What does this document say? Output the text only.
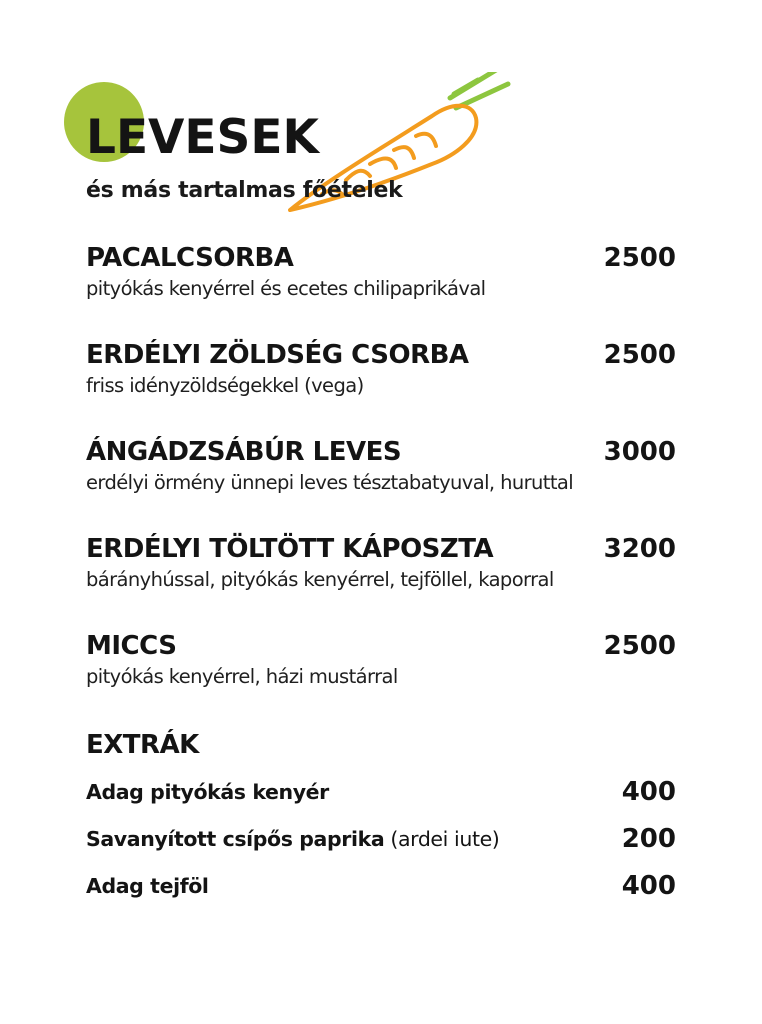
LEVESEK

és más tartalmas főételek

PACALCSORBA	2500
pityókás kenyérrel és ecetes chilipaprikával
ERDÉLYI ZÖLDSÉG CSORBA	2500
friss idényzöldségekkel (vega)
ÁNGÁDZSÁBÚR LEVES	3000
erdélyi örmény ünnepi leves tésztabatyuval, huruttal
ERDÉLYI TÖLTÖTT KÁPOSZTA	3200
bárányhússal, pityókás kenyérrel, tejföllel, kaporral
MICCS	2500
pityókás kenyérrel, házi mustárral
EXTRÁK
Adag pityókás kenyér	400
Savanyított csípős paprika (ardei iute)	200
Adag tejföl	400
